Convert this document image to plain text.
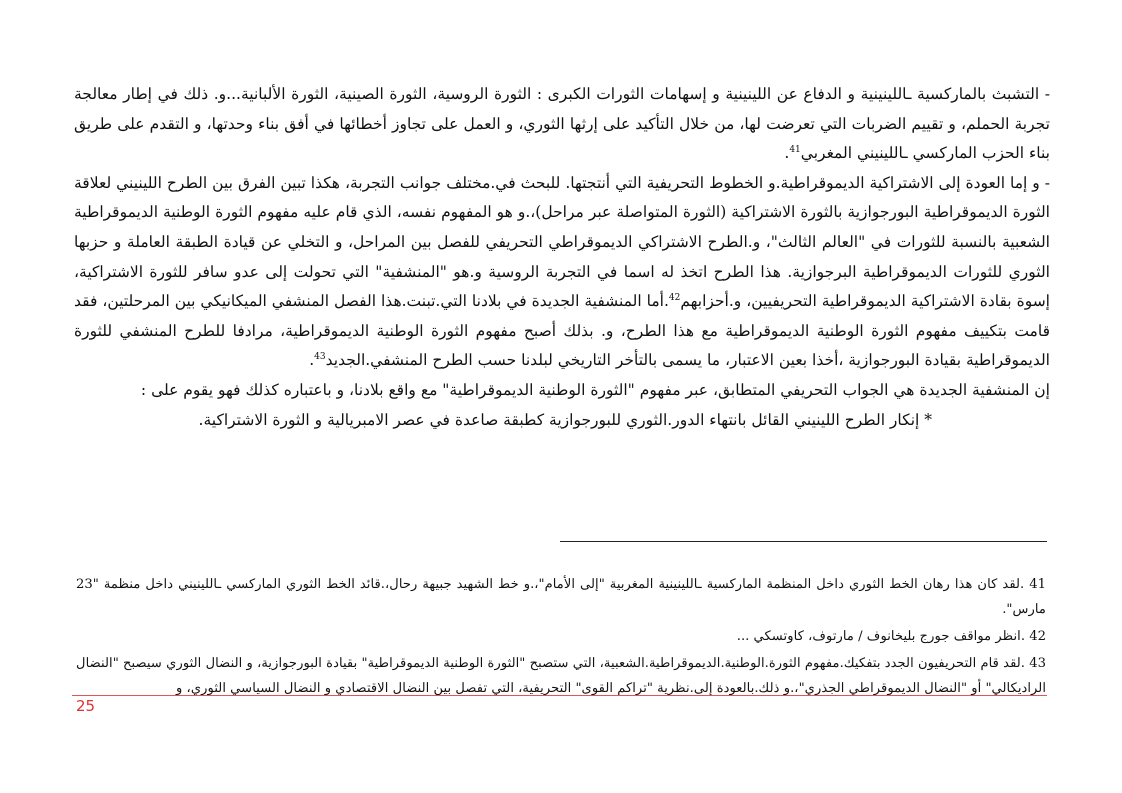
- التشبث بالماركسية ـاللينينية و الدفاع عن اللينينية و إسهامات الثورات الكبرى : الثورة الروسية، الثورة الصينية، الثورة الألبانية...و. ذلك في إطار معالجة تجربة الحملم، و تقييم الضربات التي تعرضت لها، من خلال التأكيد على إرثها الثوري، و العمل على تجاوز أخطائها في أفق بناء وحدتها، و التقدم على طريق بناء الحزب الماركسي ـاللينيني المغربي$^{41}$.

- و إما العودة إلى الاشتراكية الديموقراطية.و الخطوط التحريفية التي أنتجتها. للبحث في.مختلف جوانب التجربة، هكذا تبين الفرق بين الطرح اللينيني لعلاقة الثورة الديموقراطية البورجوازية بالثورة الاشتراكية (الثورة المتواصلة عبر مراحل)،.و هو المفهوم نفسه، الذي قام عليه مفهوم الثورة الوطنية الديموقراطية الشعبية بالنسبة للثورات في "العالم الثالث"، و.الطرح الاشتراكي الديموقراطي التحريفي للفصل بين المراحل، و التخلي عن قيادة الطبقة العاملة و حزبها الثوري للثورات الديموقراطية البرجوازية. هذا الطرح اتخذ له اسما في التجربة الروسية و.هو "المنشفية" التي تحولت إلى عدو سافر للثورة الاشتراكية، إسوة بقادة الاشتراكية الديموقراطية التحريفيين، و.أحزابهم$^{42}$.أما المنشفية الجديدة في بلادنا التي.تبنت.هذا الفصل المنشفي الميكانيكي بين المرحلتين، فقد قامت بتكييف مفهوم الثورة الوطنية الديموقراطية مع هذا الطرح، و. بذلك أصبح مفهوم الثورة الوطنية الديموقراطية، مرادفا للطرح المنشفي للثورة الديموقراطية بقيادة البورجوازية ،أخذا بعين الاعتبار، ما يسمى بالتأخر التاريخي لبلدنا حسب الطرح المنشفي.الجديد$^{43}$.

إن المنشفية الجديدة هي الجواب التحريفي المتطابق، عبر مفهوم "الثورة الوطنية الديموقراطية" مع واقع بلادنا، و باعتباره كذلك فهو يقوم على :

* إنكار الطرح اللينيني القائل بانتهاء الدور.الثوري للبورجوازية كطبقة صاعدة في عصر الامبريالية و الثورة الاشتراكية.

41 .لقد كان هذا رهان الخط الثوري داخل المنظمة الماركسية ـاللينينية المغربية "إلى الأمام"،.و خط الشهيد جبيهة رحال،.قائد الخط الثوري الماركسي ـاللينيني داخل منظمة "23 مارس".

42 .انظر مواقف جورج بليخانوف / مارتوف، كاوتسكي ...

43 .لقد قام التحريفيون الجدد بتفكيك.مفهوم الثورة.الوطنية.الديموقراطية.الشعبية، التي ستصبح "الثورة الوطنية الديموقراطية" بقيادة البورجوازية، و النضال الثوري سيصبح "النضال الراديكالي" أو "النضال الديموقراطي الجذري"،.و ذلك.بالعودة إلى.نظرية "تراكم القوى" التحريفية، التي تفصل بين النضال الاقتصادي و النضال السياسي الثوري، و

25
